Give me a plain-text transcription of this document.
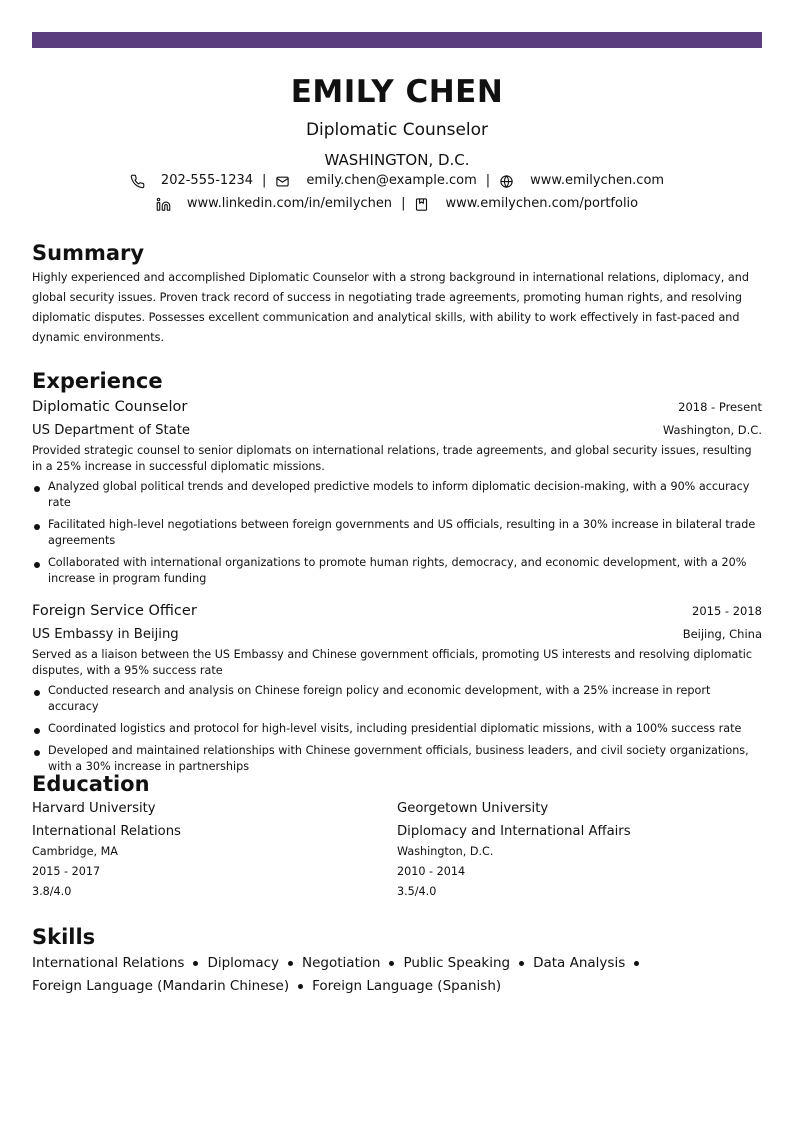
EMILY CHEN
Diplomatic Counselor
WASHINGTON, D.C.
202-555-1234 |	emily.chen@example.com |	www.emilychen.com
www.linkedin.com/in/emilychen |	www.emilychen.com/portfolio
Summary
Highly experienced and accomplished Diplomatic Counselor with a strong background in international relations, diplomacy, and global security issues. Proven track record of success in negotiating trade agreements, promoting human rights, and resolving diplomatic disputes. Possesses excellent communication and analytical skills, with ability to work effectively in fast-paced and dynamic environments.
Experience
Diplomatic Counselor	2018 - Present
US Department of State	Washington, D.C.
Provided strategic counsel to senior diplomats on international relations, trade agreements, and global security issues, resulting in a 25% increase in successful diplomatic missions.
Analyzed global political trends and developed predictive models to inform diplomatic decision-making, with a 90% accuracy rate
Facilitated high-level negotiations between foreign governments and US officials, resulting in a 30% increase in bilateral trade agreements
Collaborated with international organizations to promote human rights, democracy, and economic development, with a 20% increase in program funding
Foreign Service Officer	2015 - 2018
US Embassy in Beijing	Beijing, China
Served as a liaison between the US Embassy and Chinese government officials, promoting US interests and resolving diplomatic disputes, with a 95% success rate
Conducted research and analysis on Chinese foreign policy and economic development, with a 25% increase in report accuracy
Coordinated logistics and protocol for high-level visits, including presidential diplomatic missions, with a 100% success rate
Developed and maintained relationships with Chinese government officials, business leaders, and civil society organizations, with a 30% increase in partnerships
Education
Harvard University
International Relations
Cambridge, MA
2015 - 2017
3.8/4.0
Georgetown University
Diplomacy and International Affairs
Washington, D.C.
2010 - 2014
3.5/4.0
Skills
International Relations Diplomacy Negotiation Public Speaking Data Analysis
Foreign Language (Mandarin Chinese) Foreign Language (Spanish)
